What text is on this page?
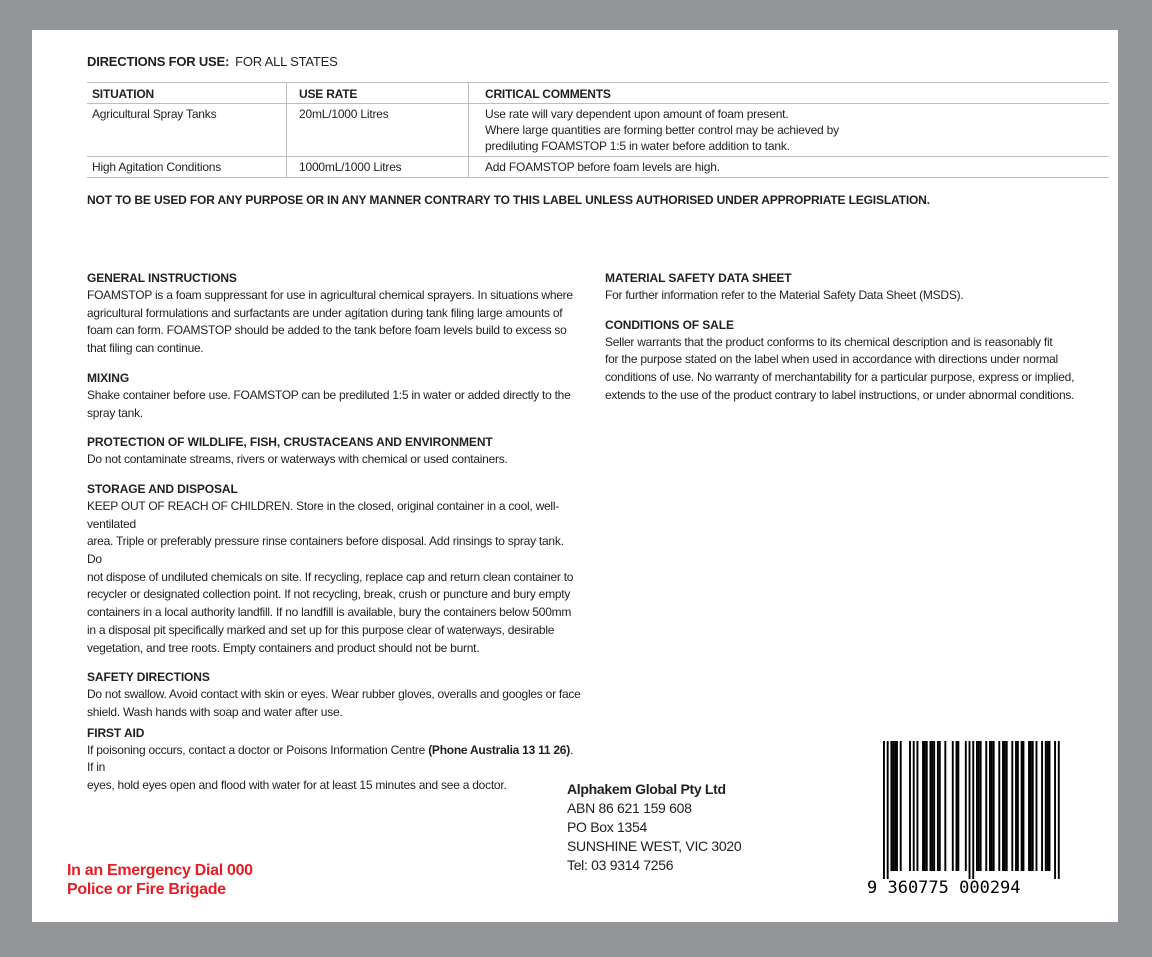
DIRECTIONS FOR USE: FOR ALL STATES
SITUATION	USE RATE	CRITICAL COMMENTS
Agricultural Spray Tanks	20mL/1000 Litres	Use rate will vary dependent upon amount of foam present.
Where large quantities are forming better control may be achieved by
prediluting FOAMSTOP 1:5 in water before addition to tank.

High Agitation Conditions	1000mL/1000 Litres	Add FOAMSTOP before foam levels are high.
NOT TO BE USED FOR ANY PURPOSE OR IN ANY MANNER CONTRARY TO THIS LABEL UNLESS AUTHORISED UNDER APPROPRIATE LEGISLATION.
GENERAL INSTRUCTIONS

FOAMSTOP is a foam suppressant for use in agricultural chemical sprayers. In situations where

agricultural formulations and surfactants are under agitation during tank filing large amounts of

foam can form. FOAMSTOP should be added to the tank before foam levels build to excess so

that filing can continue.

MIXING

Shake container before use. FOAMSTOP can be prediluted 1:5 in water or added directly to the

spray tank.

PROTECTION OF WILDLIFE, FISH, CRUSTACEANS AND ENVIRONMENT

Do not contaminate streams, rivers or waterways with chemical or used containers.

STORAGE AND DISPOSAL

KEEP OUT OF REACH OF CHILDREN. Store in the closed, original container in a cool, well-ventilated

area. Triple or preferably pressure rinse containers before disposal. Add rinsings to spray tank. Do

not dispose of undiluted chemicals on site. If recycling, replace cap and return clean container to

recycler or designated collection point. If not recycling, break, crush or puncture and bury empty

containers in a local authority landfill. If no landfill is available, bury the containers below 500mm

in a disposal pit specifically marked and set up for this purpose clear of waterways, desirable

vegetation, and tree roots. Empty containers and product should not be burnt.

SAFETY DIRECTIONS

Do not swallow. Avoid contact with skin or eyes. Wear rubber gloves, overalls and googles or face

shield. Wash hands with soap and water after use.

FIRST AID

If poisoning occurs, contact a doctor or Poisons Information Centre (Phone Australia 13 11 26). If in

eyes, hold eyes open and flood with water for at least 15 minutes and see a doctor.

MATERIAL SAFETY DATA SHEET

For further information refer to the Material Safety Data Sheet (MSDS).

CONDITIONS OF SALE

Seller warrants that the product conforms to its chemical description and is reasonably fit

for the purpose stated on the label when used in accordance with directions under normal

conditions of use. No warranty of merchantability for a particular purpose, express or implied,

extends to the use of the product contrary to label instructions, or under abnormal conditions.

Alphakem Global Pty Ltd
ABN 86 621 159 608
PO Box 1354
SUNSHINE WEST, VIC 3020
Tel: 03 9314 7256
In an Emergency Dial 000
Police or Fire Brigade	9 360775 000294
